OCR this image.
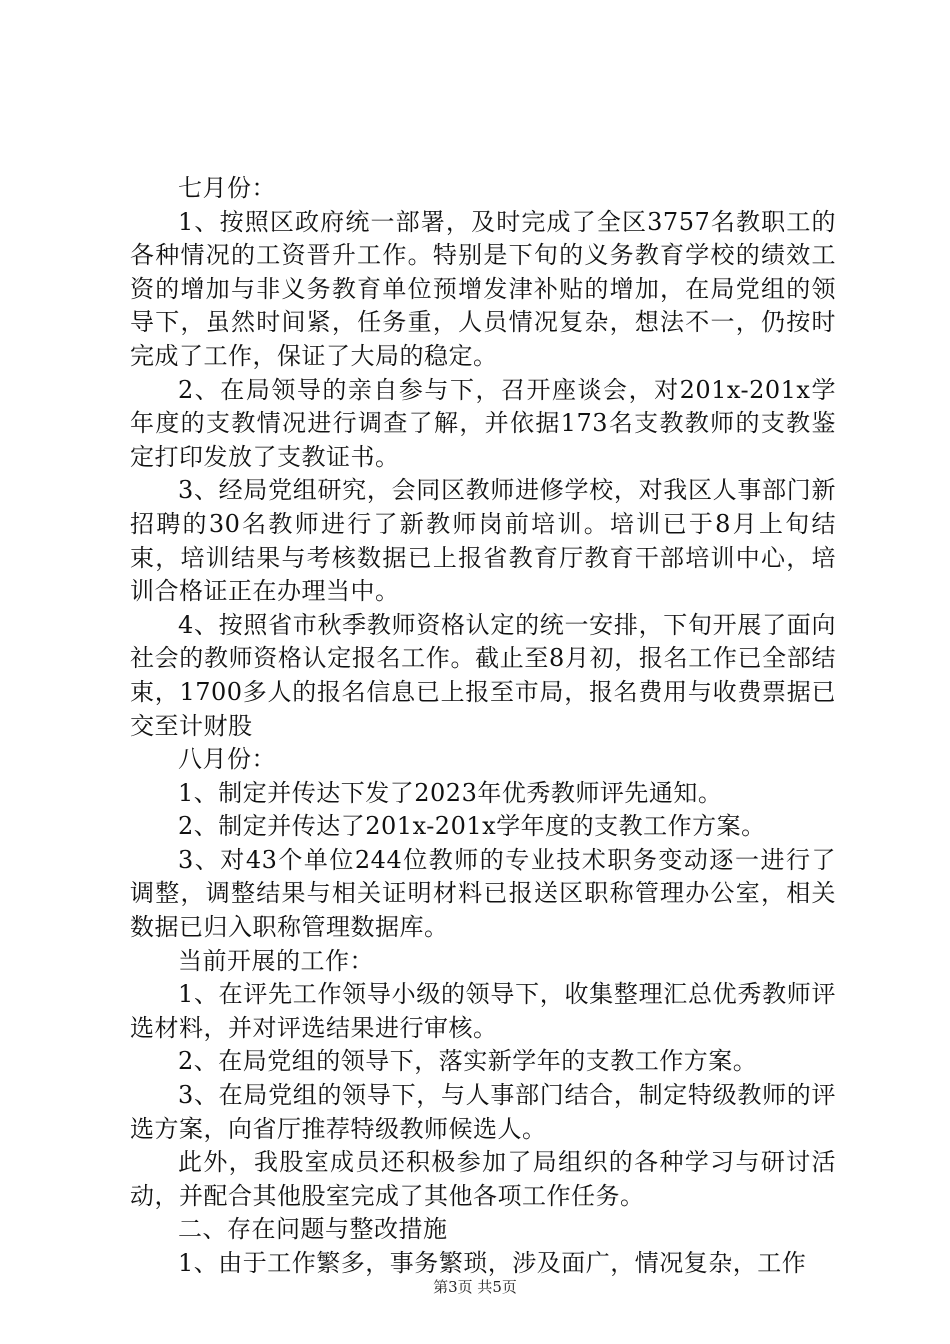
七月份：

1、按照区政府统一部署，及时完成了全区3757名教职工的各种情况的工资晋升工作。特别是下旬的义务教育学校的绩效工资的增加与非义务教育单位预增发津补贴的增加，在局党组的领导下，虽然时间紧，任务重，人员情况复杂，想法不一，仍按时完成了工作，保证了大局的稳定。

2、在局领导的亲自参与下，召开座谈会，对201x-201x学年度的支教情况进行调查了解，并依据173名支教教师的支教鉴定打印发放了支教证书。

3、经局党组研究，会同区教师进修学校，对我区人事部门新招聘的30名教师进行了新教师岗前培训。培训已于8月上旬结束，培训结果与考核数据已上报省教育厅教育干部培训中心，培训合格证正在办理当中。

4、按照省市秋季教师资格认定的统一安排，下旬开展了面向社会的教师资格认定报名工作。截止至8月初，报名工作已全部结束，1700多人的报名信息已上报至市局，报名费用与收费票据已交至计财股

八月份：

1、制定并传达下发了2023年优秀教师评先通知。

2、制定并传达了201x-201x学年度的支教工作方案。

3、对43个单位244位教师的专业技术职务变动逐一进行了调整，调整结果与相关证明材料已报送区职称管理办公室，相关数据已归入职称管理数据库。

当前开展的工作：

1、在评先工作领导小级的领导下，收集整理汇总优秀教师评选材料，并对评选结果进行审核。

2、在局党组的领导下，落实新学年的支教工作方案。

3、在局党组的领导下，与人事部门结合，制定特级教师的评选方案，向省厅推荐特级教师候选人。

此外，我股室成员还积极参加了局组织的各种学习与研讨活动，并配合其他股室完成了其他各项工作任务。

二、存在问题与整改措施

1、由于工作繁多，事务繁琐，涉及面广，情况复杂，工作

第3页 共5页
